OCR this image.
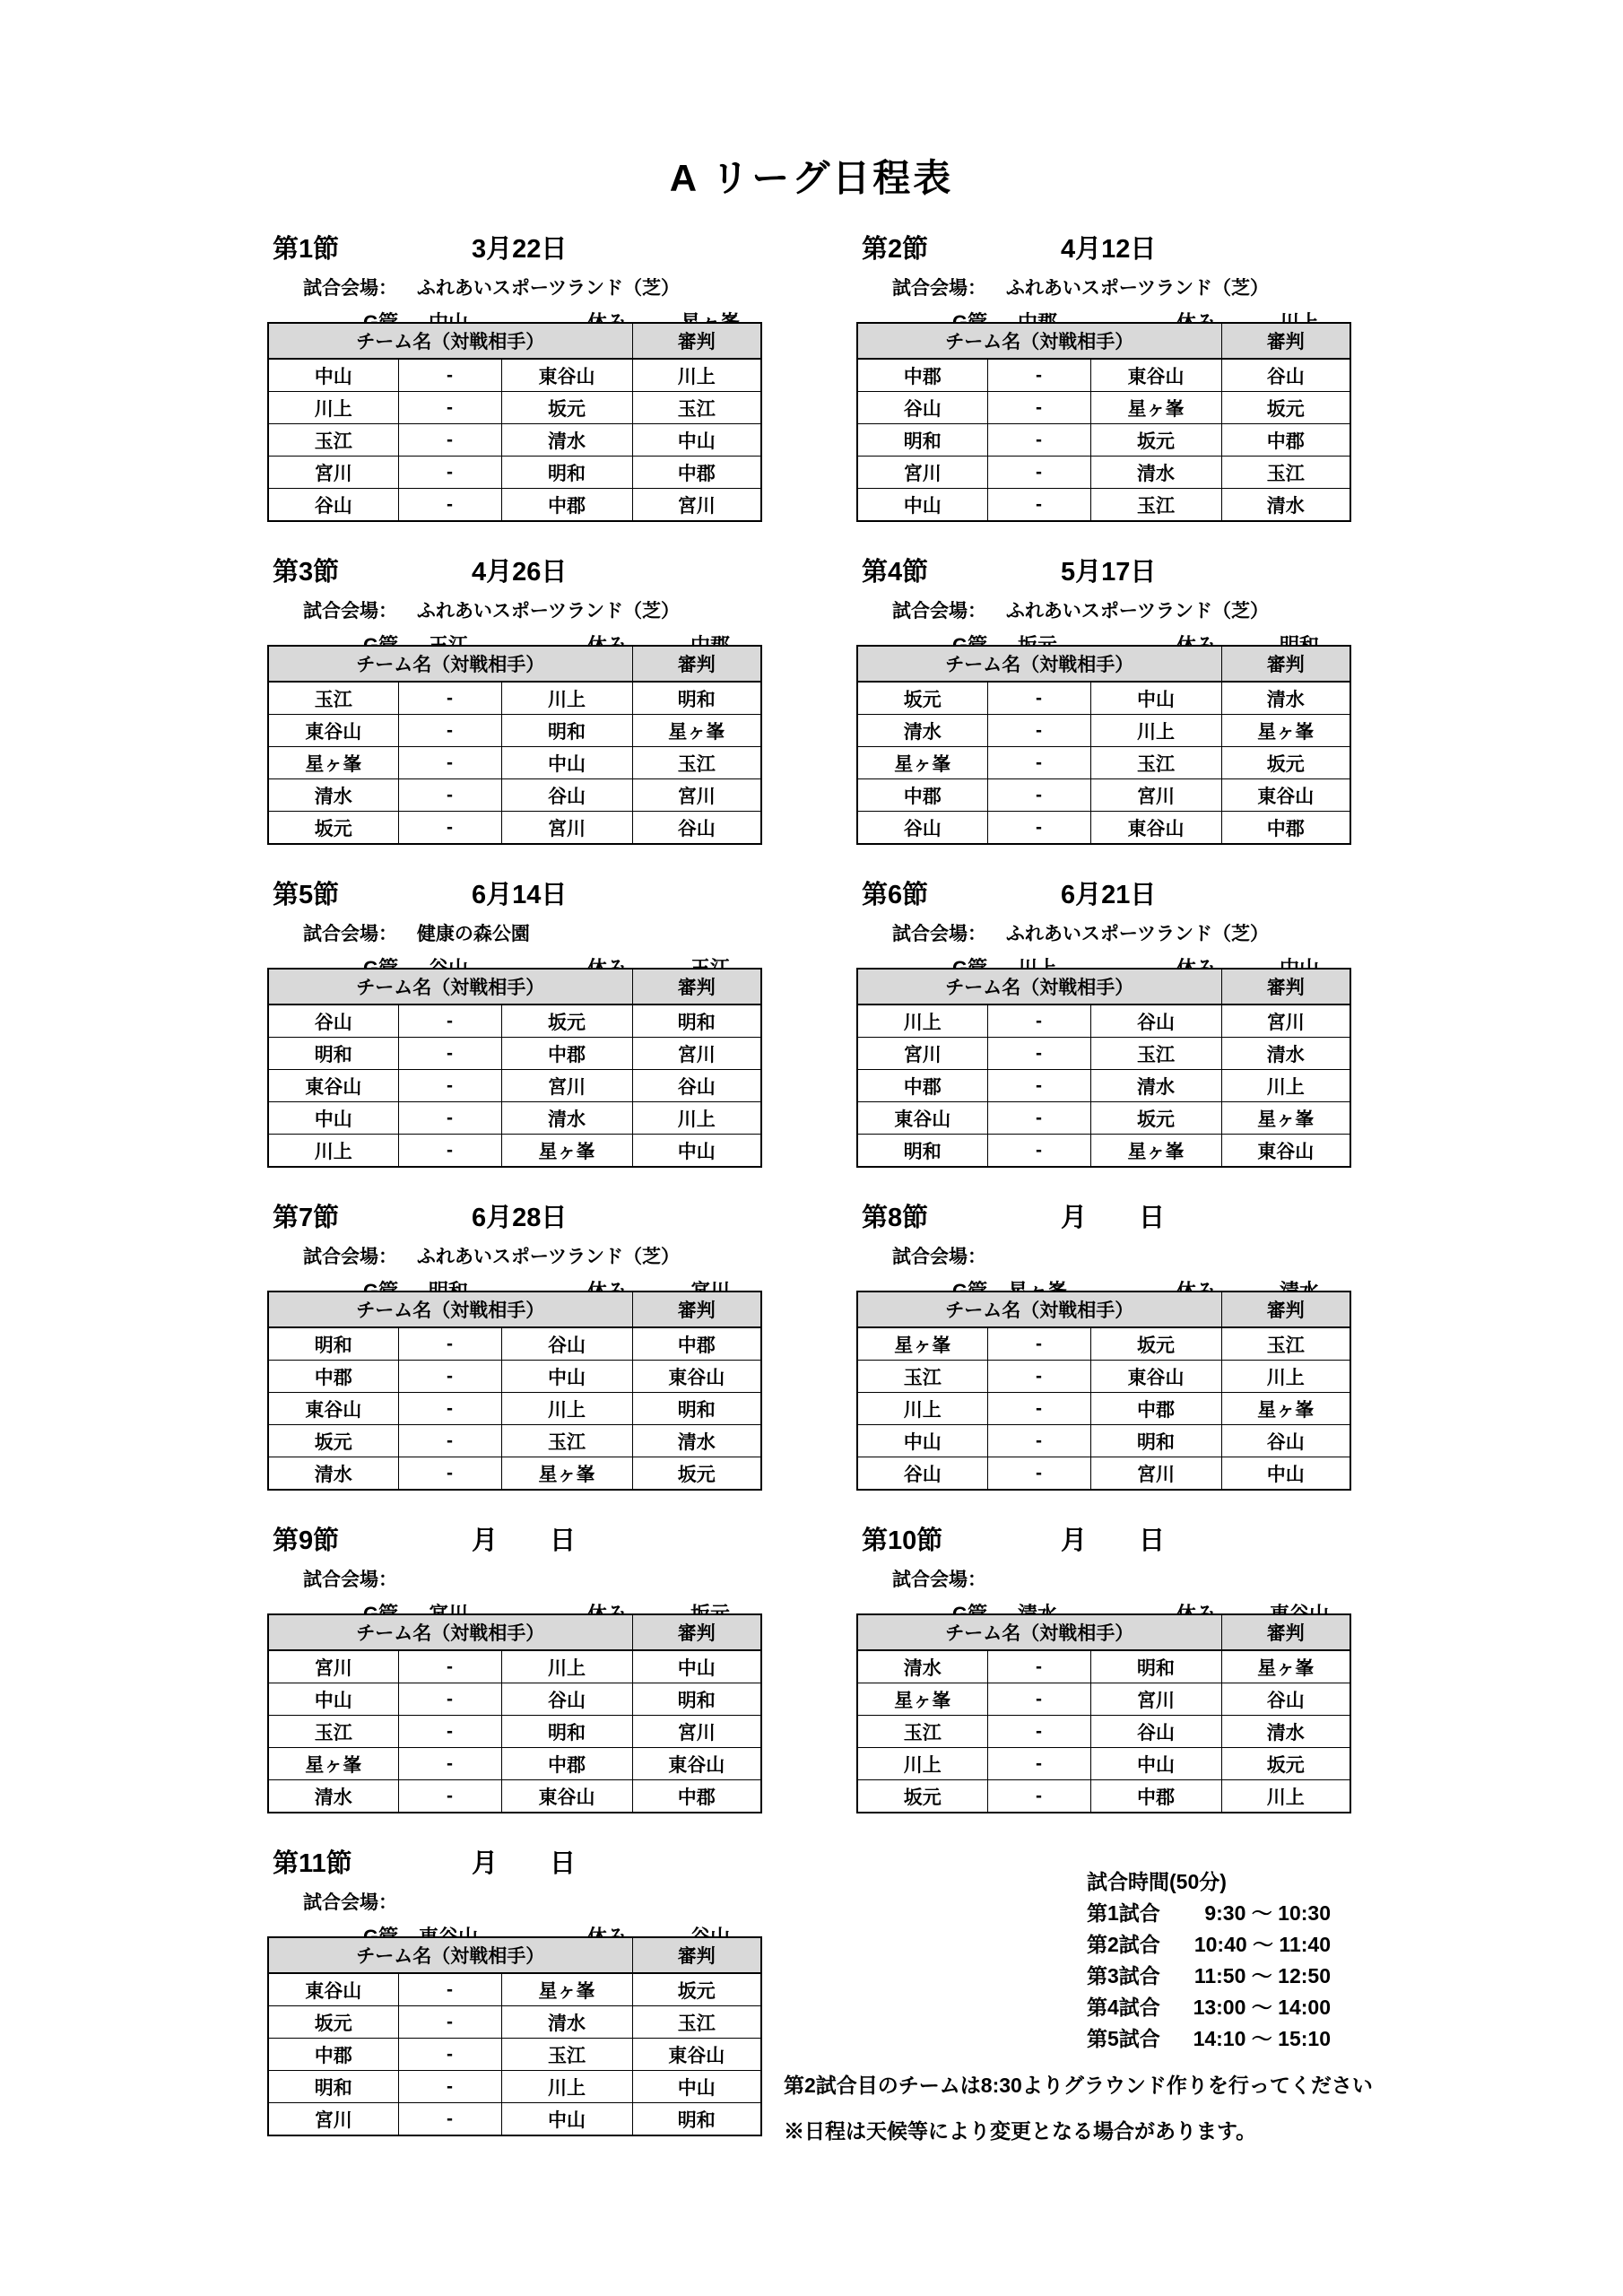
A リーグ日程表
第1節	3月22日
試合会場： ふれあいスポーツランド（芝）
チーム名（対戦相手）			審判
中山	-	東谷山	川上
川上	-	坂元	玉江
玉江	-	清水	中山
宮川	-	明和	中郡
谷山	-	中郡	宮川
第2節	4月12日
試合会場： ふれあいスポーツランド（芝）
チーム名（対戦相手）			審判
中郡	-	東谷山	谷山
谷山	-	星ヶ峯	坂元
明和	-	坂元	中郡
宮川	-	清水	玉江
中山	-	玉江	清水
第3節	4月26日
試合会場： ふれあいスポーツランド（芝）
チーム名（対戦相手）			審判
玉江	-	川上	明和
東谷山	-	明和	星ヶ峯
星ヶ峯	-	中山	玉江
清水	-	谷山	宮川
坂元	-	宮川	谷山
第4節	5月17日
試合会場： ふれあいスポーツランド（芝）
チーム名（対戦相手）			審判
坂元	-	中山	清水
清水	-	川上	星ヶ峯
星ヶ峯	-	玉江	坂元
中郡	-	宮川	東谷山
谷山	-	東谷山	中郡
第5節	6月14日
試合会場： 健康の森公園
チーム名（対戦相手）			審判
谷山	-	坂元	明和
明和	-	中郡	宮川
東谷山	-	宮川	谷山
中山	-	清水	川上
川上	-	星ヶ峯	中山
第6節	6月21日
試合会場： ふれあいスポーツランド（芝）
チーム名（対戦相手）			審判
川上	-	谷山	宮川
宮川	-	玉江	清水
中郡	-	清水	川上
東谷山	-	坂元	星ヶ峯
明和	-	星ヶ峯	東谷山
第7節	6月28日
試合会場： ふれあいスポーツランド（芝）
チーム名（対戦相手）			審判
明和	-	谷山	中郡
中郡	-	中山	東谷山
東谷山	-	川上	明和
坂元	-	玉江	清水
清水	-	星ヶ峯	坂元
第8節	月　　日
試合会場：
チーム名（対戦相手）			審判
星ヶ峯	-	坂元	玉江
玉江	-	東谷山	川上
川上	-	中郡	星ヶ峯
中山	-	明和	谷山
谷山	-	宮川	中山
第9節	月　　日
試合会場：
チーム名（対戦相手）			審判
宮川	-	川上	中山
中山	-	谷山	明和
玉江	-	明和	宮川
星ヶ峯	-	中郡	東谷山
清水	-	東谷山	中郡
第10節	月　　日
試合会場：
チーム名（対戦相手）			審判
清水	-	明和	星ヶ峯
星ヶ峯	-	宮川	谷山
玉江	-	谷山	清水
川上	-	中山	坂元
坂元	-	中郡	川上
第11節	月　　日
試合会場：
チーム名（対戦相手）			審判
東谷山	-	星ヶ峯	坂元
坂元	-	清水	玉江
中郡	-	玉江	東谷山
明和	-	川上	中山
宮川	-	中山	明和
試合時間(50分)
第1試合	9:30 ～ 10:30
第2試合	10:40 ～ 11:40
第3試合	11:50 ～ 12:50
第4試合	13:00 ～ 14:00
第5試合	14:10 ～ 15:10
第2試合目のチームは8:30よりグラウンド作りを行ってください
※日程は天候等により変更となる場合があります。
